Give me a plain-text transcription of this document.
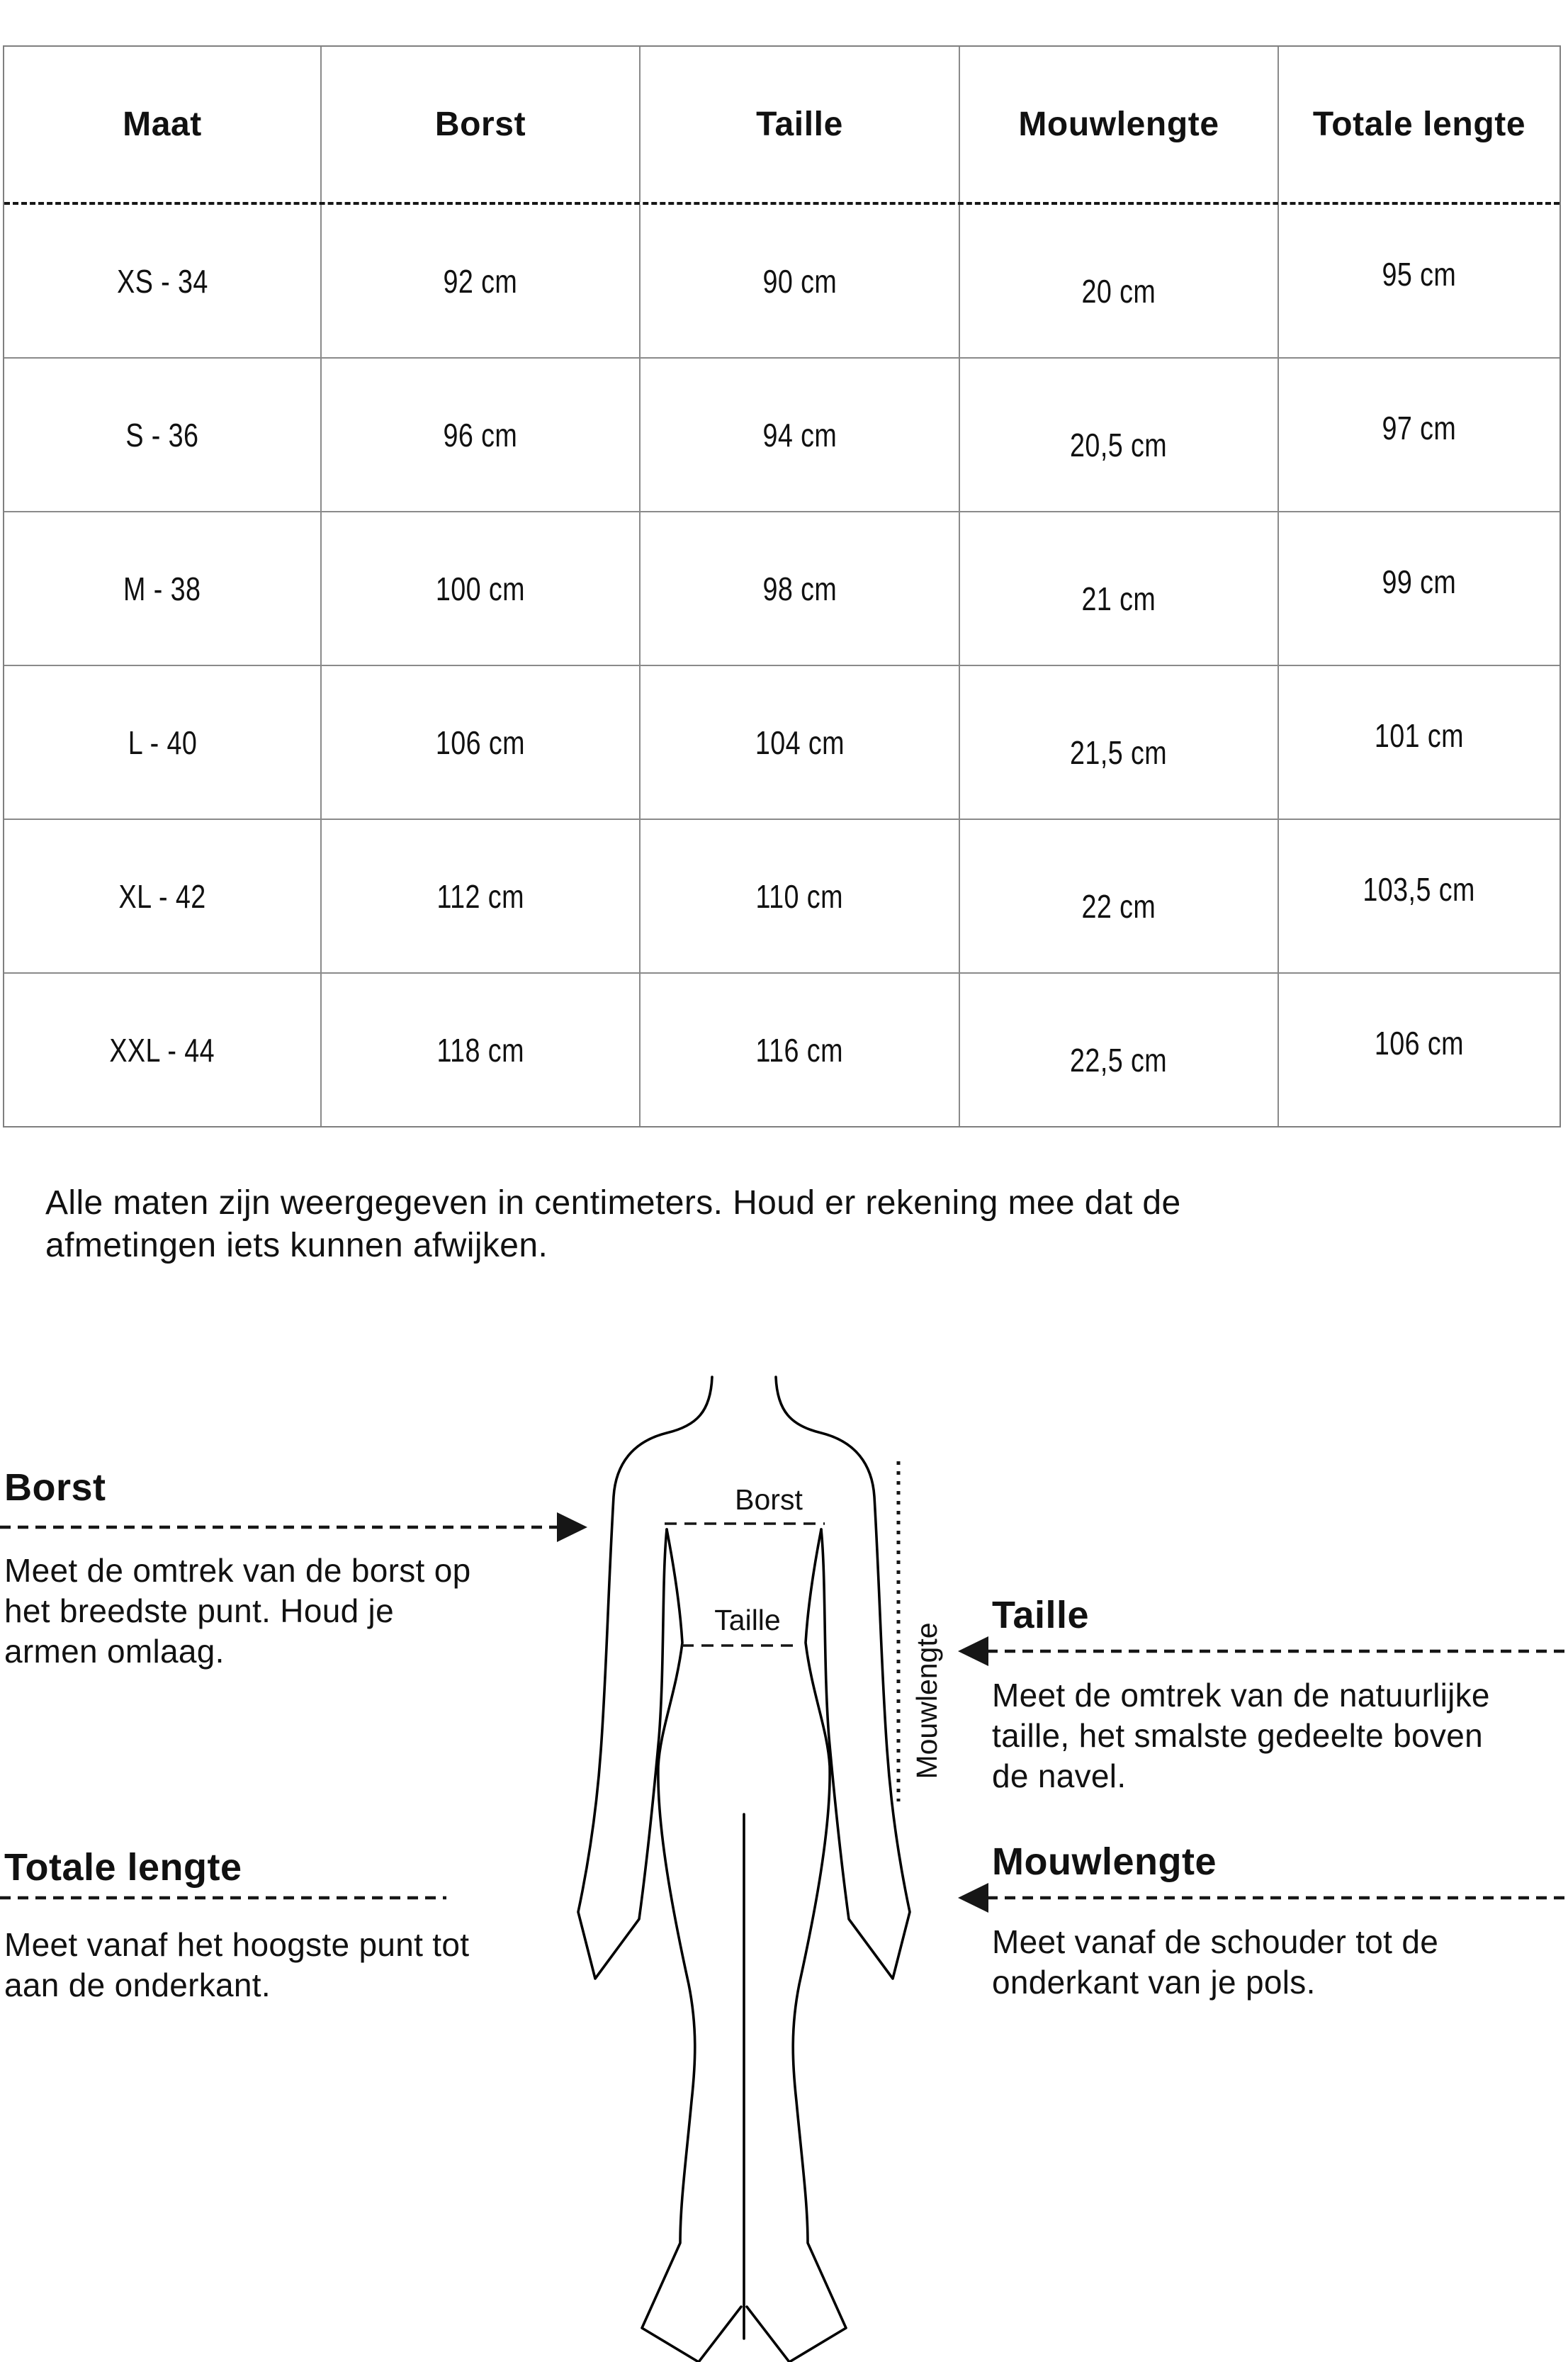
Maat	Borst	Taille	Mouwlengte	Totale lengte
XS - 34	92 cm	90 cm	20 cm	95 cm
S - 36	96 cm	94 cm	20,5 cm	97 cm
M - 38	100 cm	98 cm	21 cm	99 cm
L - 40	106 cm	104 cm	21,5 cm	101 cm
XL - 42	112 cm	110 cm	22 cm	103,5 cm
XXL - 44	118 cm	116 cm	22,5 cm	106 cm
Alle maten zijn weergegeven in centimeters. Houd er rekening mee dat de afmetingen iets kunnen afwijken.
Borst
Meet de omtrek van de borst op het breedste punt. Houd je armen omlaag.
Totale lengte
Meet vanaf het hoogste punt tot aan de onderkant.
Taille
Meet de omtrek van de natuurlijke taille, het smalste gedeelte boven de navel.
Mouwlengte
Meet vanaf de schouder tot de onderkant van je pols.
Borst
Taille
Mouwlengte
